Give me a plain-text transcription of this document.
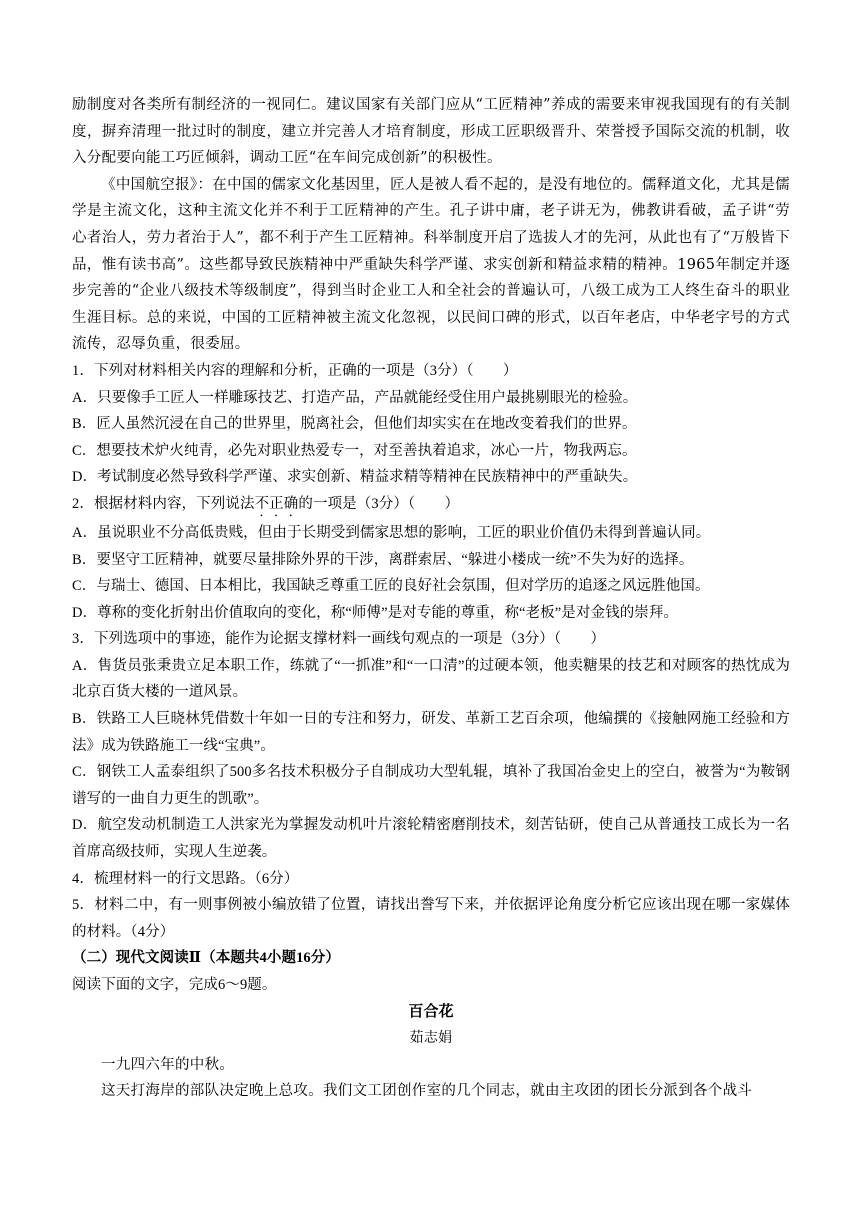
励制度对各类所有制经济的一视同仁。建议国家有关部门应从“工匠精神”养成的需要来审视我国现有的有关制度，摒弃清理一批过时的制度，建立并完善人才培育制度，形成工匠职级晋升、荣誉授予国际交流的机制，收入分配要向能工巧匠倾斜，调动工匠“在车间完成创新”的积极性。

《中国航空报》：在中国的儒家文化基因里，匠人是被人看不起的，是没有地位的。儒释道文化，尤其是儒学是主流文化，这种主流文化并不利于工匠精神的产生。孔子讲中庸，老子讲无为，佛教讲看破，孟子讲“劳心者治人，劳力者治于人”，都不利于产生工匠精神。科举制度开启了选拔人才的先河，从此也有了“万般皆下品，惟有读书高”。这些都导致民族精神中严重缺失科学严谨、求实创新和精益求精的精神。1965年制定并逐步完善的“企业八级技术等级制度”，得到当时企业工人和全社会的普遍认可，八级工成为工人终生奋斗的职业生涯目标。总的来说，中国的工匠精神被主流文化忽视，以民间口碑的形式，以百年老店，中华老字号的方式流传，忍辱负重，很委屈。

1．下列对材料相关内容的理解和分析，正确的一项是（3分）（　　）

A．只要像手工匠人一样雕琢技艺、打造产品，产品就能经受住用户最挑剔眼光的检验。

B．匠人虽然沉浸在自己的世界里，脱离社会，但他们却实实在在地改变着我们的世界。

C．想要技术炉火纯青，必先对职业热爱专一，对至善执着追求，冰心一片，物我两忘。

D．考试制度必然导致科学严谨、求实创新、精益求精等精神在民族精神中的严重缺失。

2．根据材料内容，下列说法不正确的一项是（3分）（　　）

A．虽说职业不分高低贵贱，但由于长期受到儒家思想的影响，工匠的职业价值仍未得到普遍认同。

B．要坚守工匠精神，就要尽量排除外界的干涉，离群索居、“躲进小楼成一统”不失为好的选择。

C．与瑞士、德国、日本相比，我国缺乏尊重工匠的良好社会氛围，但对学历的追逐之风远胜他国。

D．尊称的变化折射出价值取向的变化，称“师傅”是对专能的尊重，称“老板”是对金钱的崇拜。

3．下列选项中的事迹，能作为论据支撑材料一画线句观点的一项是（3分）（　　）

A．售货员张秉贵立足本职工作，练就了“一抓准”和“一口清”的过硬本领，他卖糖果的技艺和对顾客的热忱成为北京百货大楼的一道风景。

B．铁路工人巨晓林凭借数十年如一日的专注和努力，研发、革新工艺百余项，他编撰的《接触网施工经验和方法》成为铁路施工一线“宝典”。

C．钢铁工人孟泰组织了500多名技术积极分子自制成功大型轧辊，填补了我国冶金史上的空白，被誉为“为鞍钢谱写的一曲自力更生的凯歌”。

D．航空发动机制造工人洪家光为掌握发动机叶片滚轮精密磨削技术，刻苦钻研，使自己从普通技工成长为一名首席高级技师，实现人生逆袭。

4．梳理材料一的行文思路。（6分）

5．材料二中，有一则事例被小编放错了位置，请找出誊写下来，并依据评论角度分析它应该出现在哪一家媒体的材料。（4分）

（二）现代文阅读Ⅱ（本题共4小题16分）

阅读下面的文字，完成6～9题。

百合花

茹志娟

一九四六年的中秋。

这天打海岸的部队决定晚上总攻。我们文工团创作室的几个同志，就由主攻团的团长分派到各个战斗
